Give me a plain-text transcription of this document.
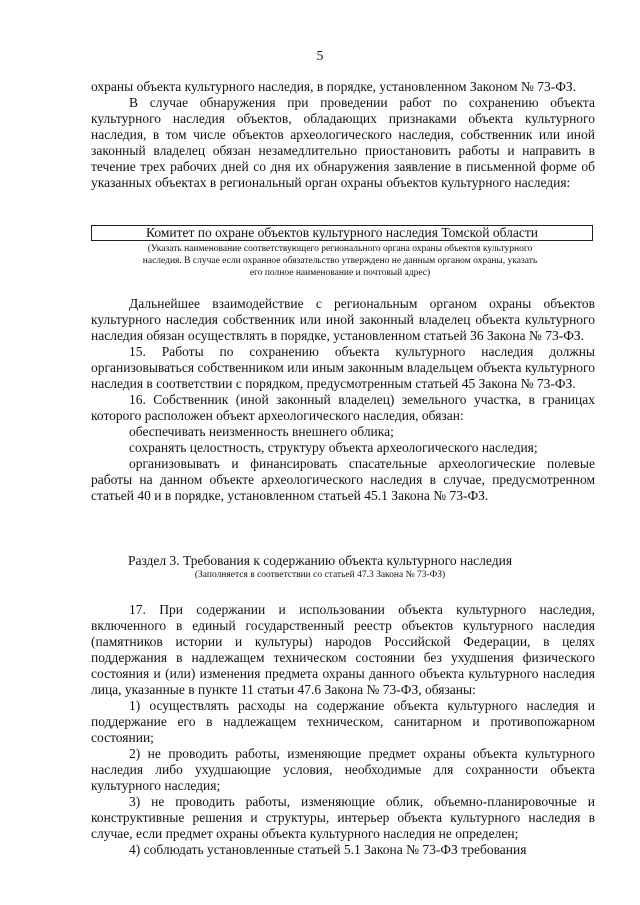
5

охраны объекта культурного наследия, в порядке, установленном Законом № 73-ФЗ.

В случае обнаружения при проведении работ по сохранению объекта культурного наследия объектов, обладающих признаками объекта культурного наследия, в том числе объектов археологического наследия, собственник или иной законный владелец обязан незамедлительно приостановить работы и направить в течение трех рабочих дней со дня их обнаружения заявление в письменной форме об указанных объектах в региональный орган охраны объектов культурного наследия:

Комитет по охране объектов культурного наследия Томской области
(Указать наименование соответствующего регионального органа охраны объектов культурного наследия. В случае если охранное обязательство утверждено не данным органом охраны, указать его полное наименование и почтовый адрес)

Дальнейшее взаимодействие с региональным органом охраны объектов культурного наследия собственник или иной законный владелец объекта культурного наследия обязан осуществлять в порядке, установленном статьей 36 Закона № 73-ФЗ.

15. Работы по сохранению объекта культурного наследия должны организовываться собственником или иным законным владельцем объекта культурного наследия в соответствии с порядком, предусмотренным статьей 45 Закона № 73-ФЗ.

16. Собственник (иной законный владелец) земельного участка, в границах которого расположен объект археологического наследия, обязан:

обеспечивать неизменность внешнего облика;

сохранять целостность, структуру объекта археологического наследия;

организовывать и финансировать спасательные археологические полевые работы на данном объекте археологического наследия в случае, предусмотренном статьей 40 и в порядке, установленном статьей 45.1 Закона № 73-ФЗ.

Раздел 3. Требования к содержанию объекта культурного наследия
(Заполняется в соответствии со статьей 47.3 Закона № 73-ФЗ)

17. При содержании и использовании объекта культурного наследия, включенного в единый государственный реестр объектов культурного наследия (памятников истории и культуры) народов Российской Федерации, в целях поддержания в надлежащем техническом состоянии без ухудшения физического состояния и (или) изменения предмета охраны данного объекта культурного наследия лица, указанные в пункте 11 статьи 47.6 Закона № 73-ФЗ, обязаны:

1) осуществлять расходы на содержание объекта культурного наследия и поддержание его в надлежащем техническом, санитарном и противопожарном состоянии;

2) не проводить работы, изменяющие предмет охраны объекта культурного наследия либо ухудшающие условия, необходимые для сохранности объекта культурного наследия;

3) не проводить работы, изменяющие облик, объемно-планировочные и конструктивные решения и структуры, интерьер объекта культурного наследия в случае, если предмет охраны объекта культурного наследия не определен;

4) соблюдать установленные статьей 5.1 Закона № 73-ФЗ требования
